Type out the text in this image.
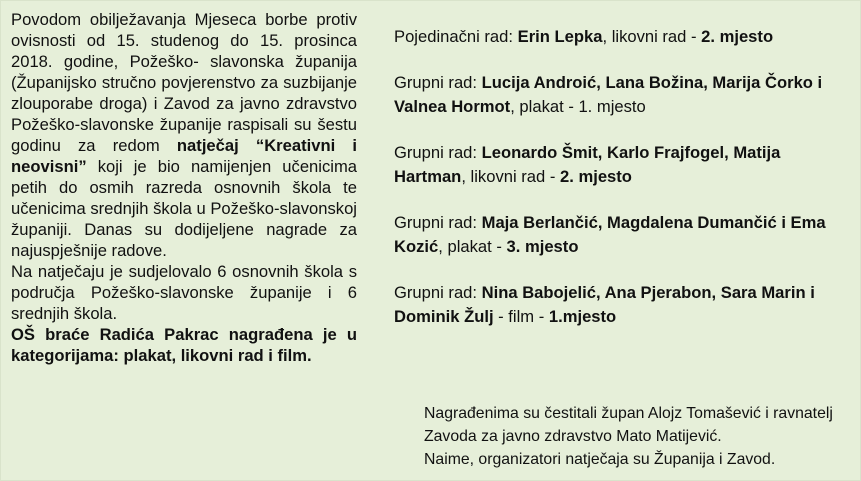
Povodom obilježavanja Mjeseca borbe protiv ovisnosti od 15. studenog do 15. prosinca 2018. godine, Požeško- slavonska županija (Županijsko stručno povjerenstvo za suzbijanje zlouporabe droga) i Zavod za javno zdravstvo Požeško-slavonske županije raspisali su šestu godinu za redom natječaj “Kreativni i neovisni” koji je bio namijenjen učenicima petih do osmih razreda osnovnih škola te učenicima srednjih škola u Požeško-slavonskoj županiji. Danas su dodijeljene nagrade za najuspješnije radove.

Na natječaju je sudjelovalo 6 osnovnih škola s područja Požeško-slavonske županije i 6 srednjih škola.

OŠ braće Radića Pakrac nagrađena je u kategorijama: plakat, likovni rad i film.

Pojedinačni rad: Erin Lepka, likovni rad - 2. mjesto

Grupni rad: Lucija Androić, Lana Božina, Marija Čorko i Valnea Hormot, plakat - 1. mjesto

Grupni rad: Leonardo Šmit, Karlo Frajfogel, Matija Hartman, likovni rad - 2. mjesto

Grupni rad: Maja Berlančić, Magdalena Dumančić i Ema Kozić, plakat - 3. mjesto

Grupni rad: Nina Babojelić, Ana Pjerabon, Sara Marin i Dominik Žulj - film - 1.mjesto

Nagrađenima su čestitali župan Alojz Tomašević i ravnatelj Zavoda za javno zdravstvo Mato Matijević.

Naime, organizatori natječaja su Županija i Zavod.
